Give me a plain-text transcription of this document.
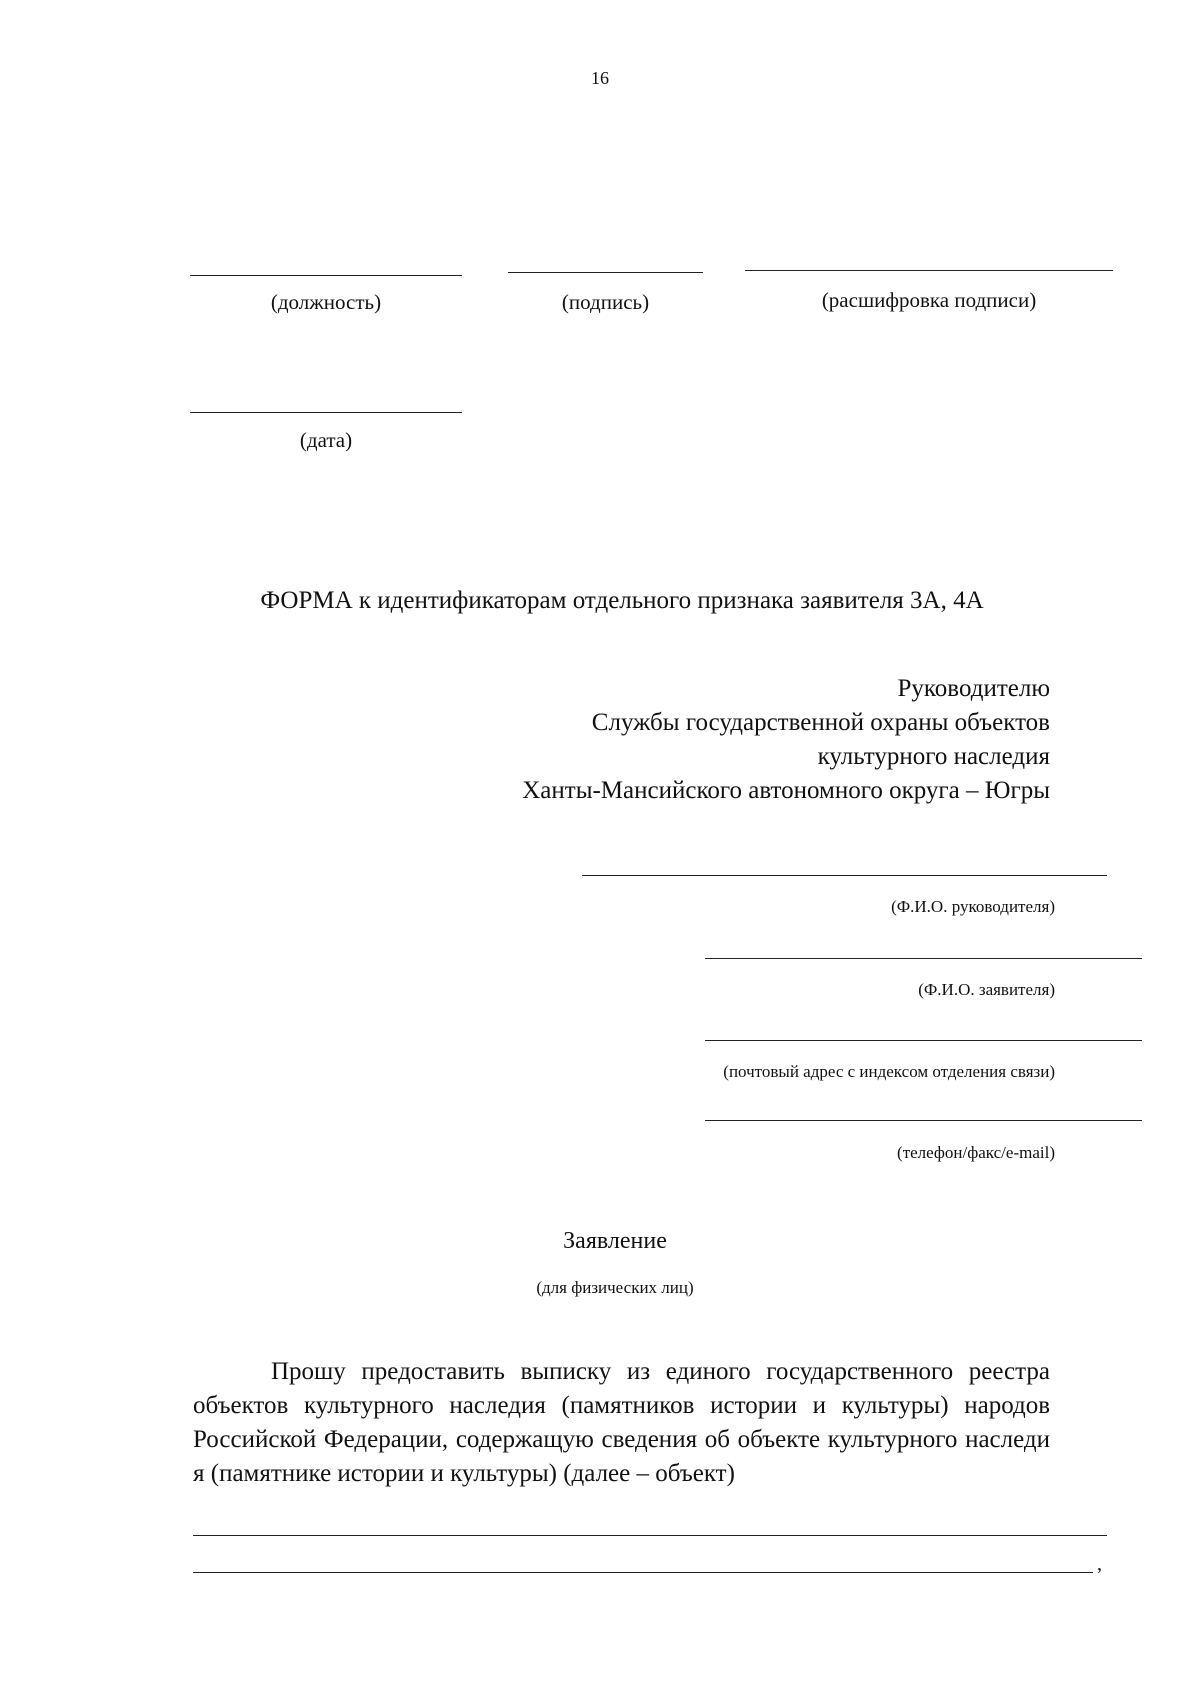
16
(должность)	(подпись)	(расшифровка подписи)
(дата)
ФОРМА к идентификаторам отдельного признака заявителя 3А, 4А
Руководителю
Службы государственной охраны объектов
культурного наследия
Ханты-Мансийского автономного округа – Югры
(Ф.И.О. руководителя)
(Ф.И.О. заявителя)
(почтовый адрес с индексом отделения связи)
(телефон/факс/e-mail)
Заявление
(для физических лиц)
Прошу предоставить выписку из единого государственного реестра объектов культурного наследия (памятников истории и культуры) народов Российской Федерации, содержащую сведения об объекте культурного наследи я (памятнике истории и культуры) (далее – объект)
,
